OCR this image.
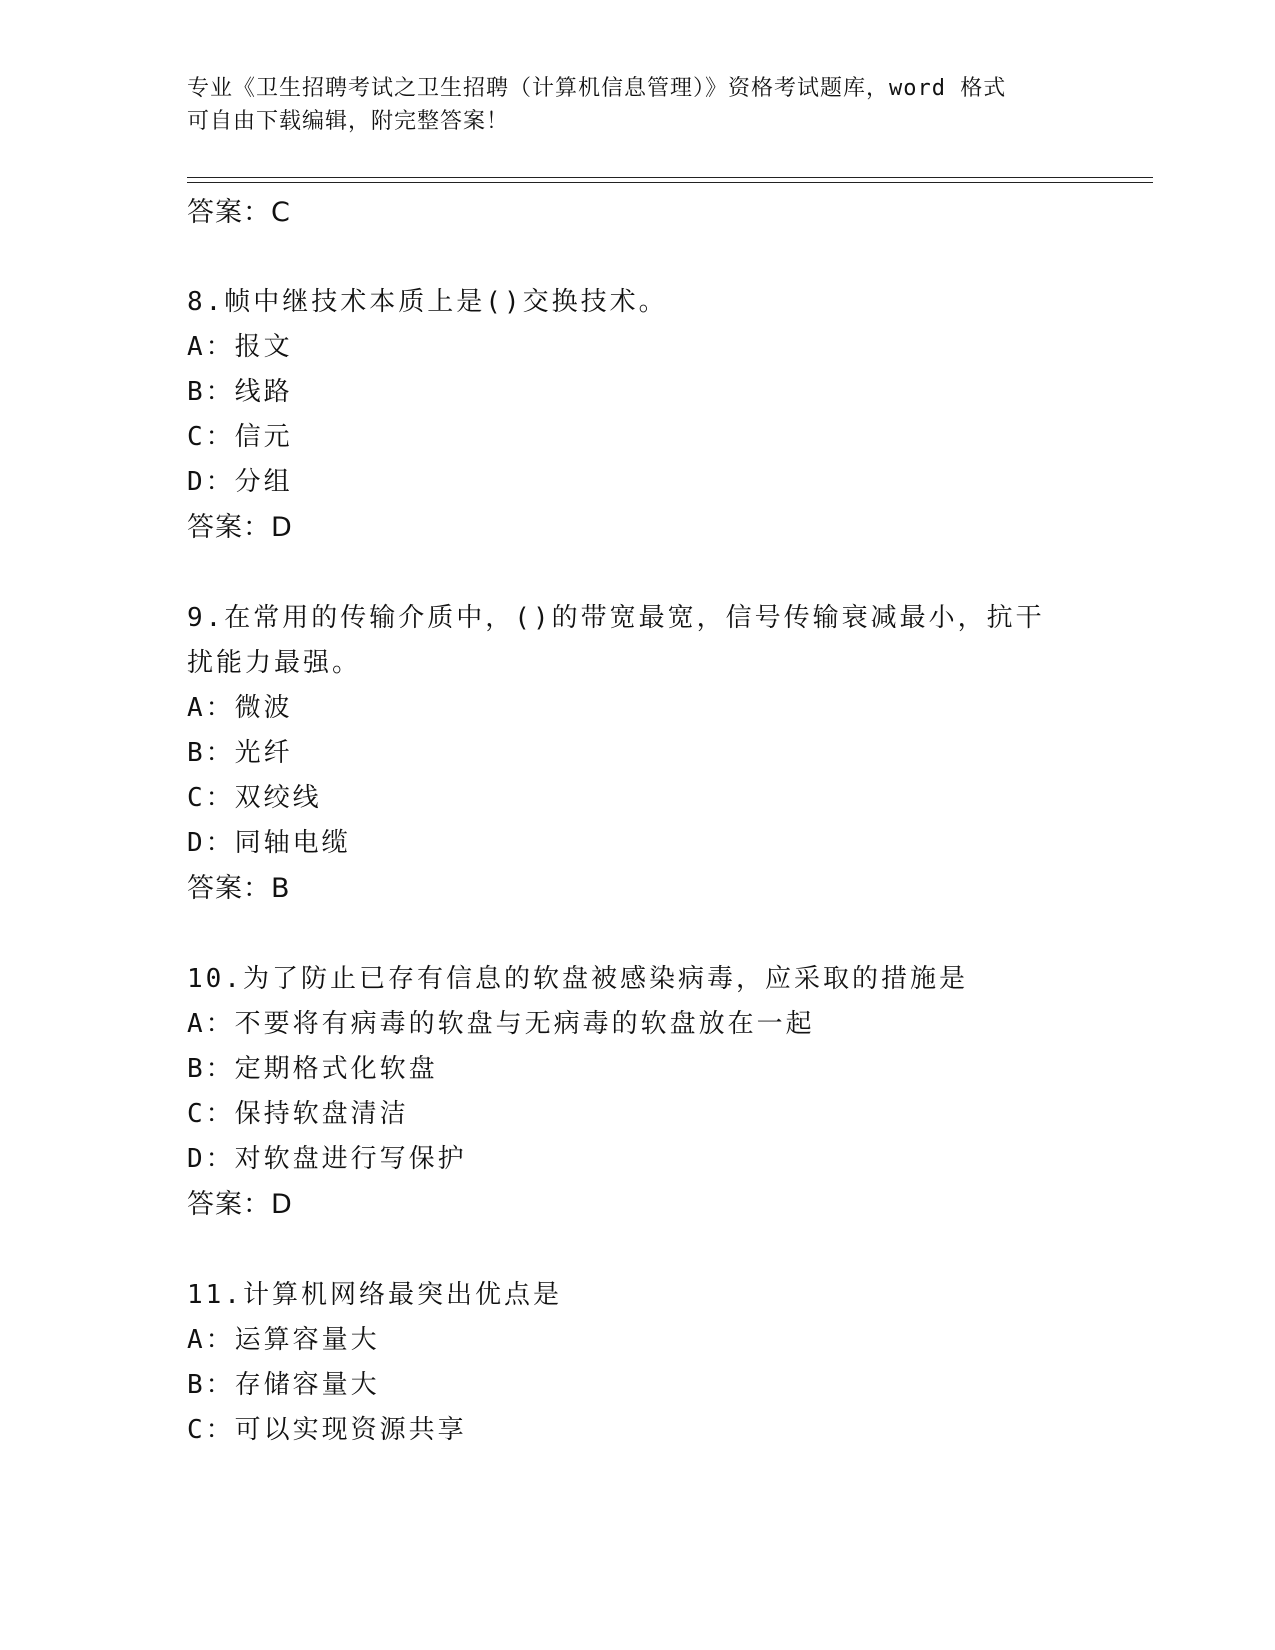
专业《卫生招聘考试之卫生招聘（计算机信息管理）》资格考试题库，word 格式
可自由下载编辑，附完整答案！
答案：C
8.帧中继技术本质上是()交换技术。
A：报文
B：线路
C：信元
D：分组
答案：D
9.在常用的传输介质中，()的带宽最宽，信号传输衰减最小，抗干扰能力最强。
A：微波
B：光纤
C：双绞线
D：同轴电缆
答案：B
10.为了防止已存有信息的软盘被感染病毒，应采取的措施是
A：不要将有病毒的软盘与无病毒的软盘放在一起
B：定期格式化软盘
C：保持软盘清洁
D：对软盘进行写保护
答案：D
11.计算机网络最突出优点是
A：运算容量大
B：存储容量大
C：可以实现资源共享
